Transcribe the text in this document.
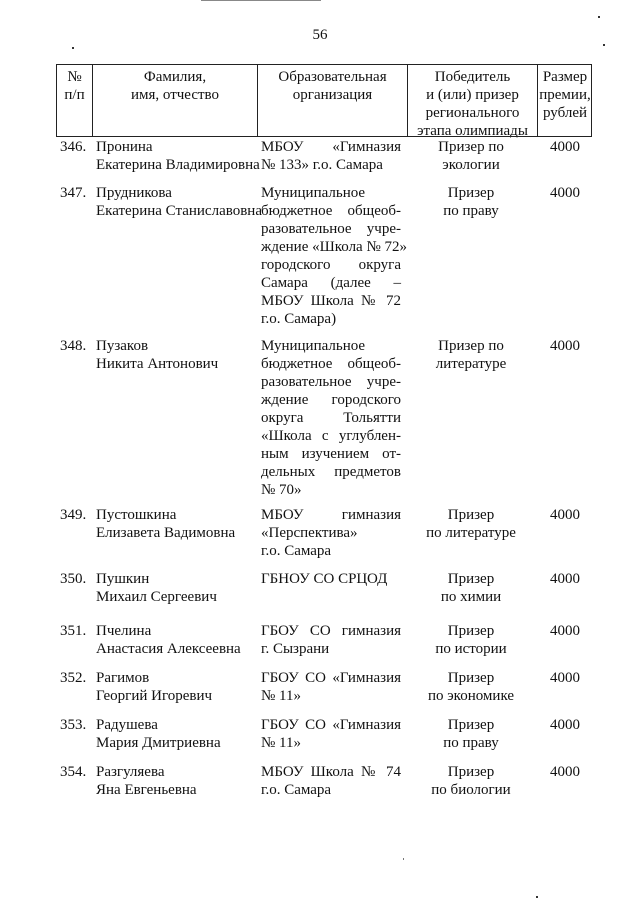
56
№
п/п
Фамилия,
имя, отчество
Образовательная
организация
Победитель
и (или) призер
регионального
этапа олимпиады
Размер
премии,
рублей
346. Пронина
Екатерина Владимировна
МБОУ «Гимназия
№ 133» г.о. Самара
Призер по
экологии
4000
347. Прудникова
Екатерина Станиславовна
Муниципальное
бюджетное общеоб-
разовательное учре-
ждение «Школа № 72»
городского округа
Самара (далее –
МБОУ Школа № 72
г.о. Самара)
Призер
по праву
4000
348. Пузаков
Никита Антонович
Муниципальное
бюджетное общеоб-
разовательное учре-
ждение городского
округа Тольятти
«Школа с углублен-
ным изучением от-
дельных предметов
№ 70»
Призер по
литературе
4000
349. Пустошкина
Елизавета Вадимовна
МБОУ гимназия
«Перспектива»
г.о. Самара
Призер
по литературе
4000
350. Пушкин
Михаил Сергеевич
ГБНОУ СО СРЦОД	Призер
по химии
4000
351. Пчелина
Анастасия Алексеевна
ГБОУ СО гимназия
г. Сызрани
Призер
по истории
4000
352. Рагимов
Георгий Игоревич
ГБОУ СО «Гимназия
№ 11»
Призер
по экономике
4000
353. Радушева
Мария Дмитриевна
ГБОУ СО «Гимназия
№ 11»
Призер
по праву
4000
354. Разгуляева
Яна Евгеньевна
МБОУ Школа № 74
г.о. Самара
Призер
по биологии
4000
